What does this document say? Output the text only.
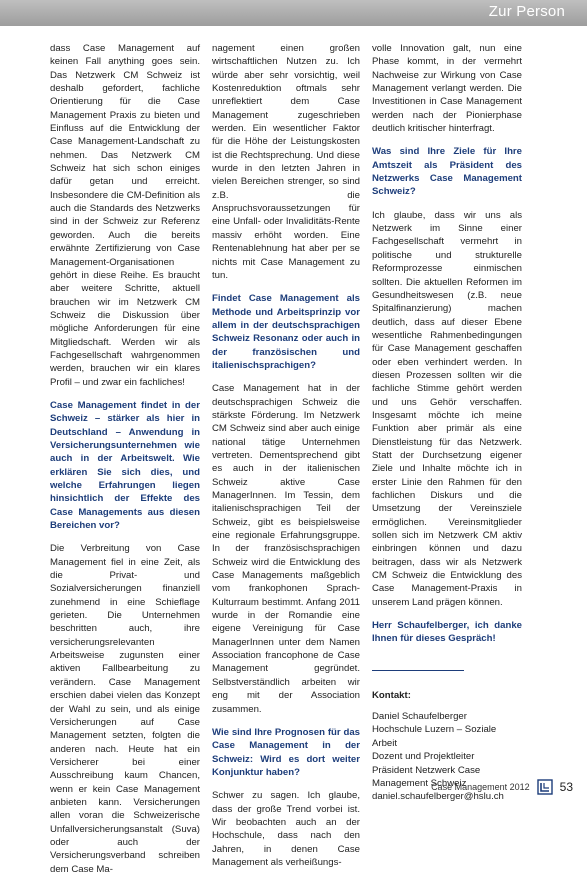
Zur Person

dass Case Management auf keinen Fall anything goes sein. Das Netzwerk CM Schweiz ist deshalb gefordert, fachliche Orientierung für die Case Management Praxis zu bieten und Einfluss auf die Entwicklung der Case Management-Landschaft zu nehmen. Das Netzwerk CM Schweiz hat sich schon einiges dafür getan und erreicht. Insbesondere die CM-Definition als auch die Standards des Netzwerks sind in der Schweiz zur Referenz geworden. Auch die bereits erwähnte Zertifizierung von Case Management-Organisationen gehört in diese Reihe. Es braucht aber weitere Schritte, aktuell brauchen wir im Netzwerk CM Schweiz die Diskussion über mögliche Anforderungen für eine Mitgliedschaft. Werden wir als Fachgesellschaft wahrgenommen werden, brauchen wir ein klares Profil – und zwar ein fachliches!

Case Management findet in der Schweiz – stärker als hier in Deutschland – Anwendung in Versicherungsunternehmen wie auch in der Arbeitswelt. Wie erklären Sie sich dies, und welche Erfahrungen liegen hinsichtlich der Effekte des Case Managements aus diesen Bereichen vor?

Die Verbreitung von Case Management fiel in eine Zeit, als die Privat- und Sozialversicherungen finanziell zunehmend in eine Schieflage gerieten. Die Unternehmen beschritten auch, ihre versicherungsrelevanten Arbeitsweise zugunsten einer aktiven Fallbearbeitung zu verändern. Case Management erschien dabei vielen das Konzept der Wahl zu sein, und als einige Versicherungen auf Case Management setzten, folgten die anderen nach. Heute hat ein Versicherer bei einer Ausschreibung kaum Chancen, wenn er kein Case Management anbieten kann. Versicherungen allen voran die Schweizerische Unfallversicherungsanstalt (Suva) oder auch der Versicherungsverband schreiben dem Case Ma-

nagement einen großen wirtschaftlichen Nutzen zu. Ich würde aber sehr vorsichtig, weil Kostenreduktion oftmals sehr unreflektiert dem Case Management zugeschrieben werden. Ein wesentlicher Faktor für die Höhe der Leistungskosten ist die Rechtsprechung. Und diese wurde in den letzten Jahren in vielen Bereichen strenger, so sind z.B. die Anspruchsvoraussetzungen für eine Unfall- oder Invaliditäts-Rente massiv erhöht worden. Eine Rentenablehnung hat aber per se nichts mit Case Management zu tun.

Findet Case Management als Methode und Arbeitsprinzip vor allem in der deutschsprachigen Schweiz Resonanz oder auch in der französischen und italienischsprachigen?

Case Management hat in der deutschsprachigen Schweiz die stärkste Förderung. Im Netzwerk CM Schweiz sind aber auch einige national tätige Unternehmen vertreten. Dementsprechend gibt es auch in der italienischen Schweiz aktive Case ManagerInnen. Im Tessin, dem italienischsprachigen Teil der Schweiz, gibt es beispielsweise eine regionale Erfahrungsgruppe. In der französischsprachigen Schweiz wird die Entwicklung des Case Managements maßgeblich vom frankophonen Sprach-Kulturraum bestimmt. Anfang 2011 wurde in der Romandie eine eigene Vereinigung für Case ManagerInnen unter dem Namen Association francophone de Case Management gegründet. Selbstverständlich arbeiten wir eng mit der Association zusammen.

Wie sind Ihre Prognosen für das Case Management in der Schweiz: Wird es dort weiter Konjunktur haben?

Schwer zu sagen. Ich glaube, dass der große Trend vorbei ist. Wir beobachten auch an der Hochschule, dass nach den Jahren, in denen Case Management als verheißungs-

volle Innovation galt, nun eine Phase kommt, in der vermehrt Nachweise zur Wirkung von Case Management verlangt werden. Die Investitionen in Case Management werden nach der Pionierphase deutlich kritischer hinterfragt.

Was sind Ihre Ziele für Ihre Amtszeit als Präsident des Netzwerks Case Management Schweiz?

Ich glaube, dass wir uns als Netzwerk im Sinne einer Fachgesellschaft vermehrt in politische und strukturelle Reformprozesse einmischen sollten. Die aktuellen Reformen im Gesundheitswesen (z.B. neue Spitalfinanzierung) machen deutlich, dass auf dieser Ebene wesentliche Rahmenbedingungen für Case Management geschaffen oder eben verhindert werden. In diesen Prozessen sollten wir die fachliche Stimme gehört werden und uns Gehör verschaffen. Insgesamt möchte ich meine Funktion aber primär als eine Dienstleistung für das Netzwerk. Statt der Durchsetzung eigener Ziele und Inhalte möchte ich in erster Linie den Rahmen für den fachlichen Diskurs und die Umsetzung der Vereinsziele ermöglichen. Vereinsmitglieder sollen sich im Netzwerk CM aktiv einbringen können und dazu beitragen, dass wir als Netzwerk CM Schweiz die Entwicklung des Case Management-Praxis in unserem Land prägen können.

Herr Schaufelberger, ich danke Ihnen für dieses Gespräch!

Kontakt:
Daniel Schaufelberger
Hochschule Luzern – Soziale Arbeit
Dozent und Projektleiter
Präsident Netzwerk Case
Management Schweiz
daniel.schaufelberger@hslu.ch
Case Management 2012	53
